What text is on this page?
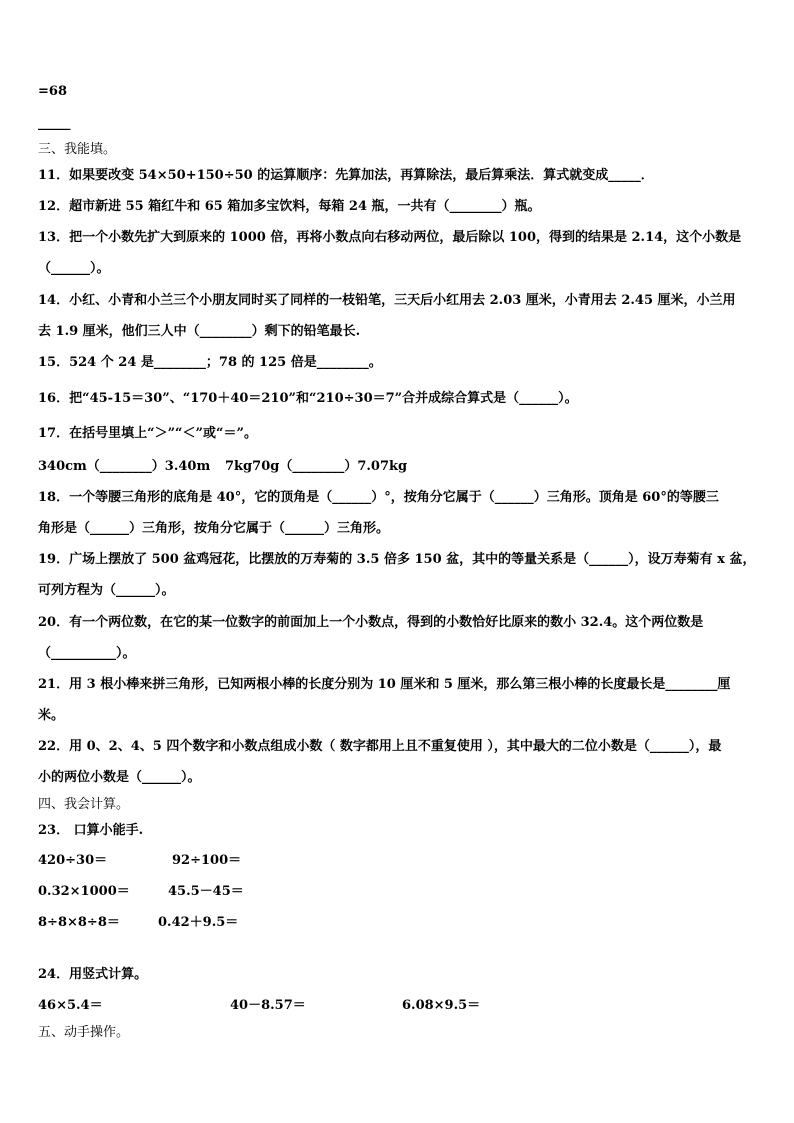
=68
_____
三、我能填。
11．如果要改变 54×50+150÷50 的运算顺序：先算加法，再算除法，最后算乘法．算式就变成_____．
12．超市新进 55 箱红牛和 65 箱加多宝饮料，每箱 24 瓶，一共有（________）瓶。
13．把一个小数先扩大到原来的 1000 倍，再将小数点向右移动两位，最后除以 100，得到的结果是 2.14，这个小数是
（______）。
14．小红、小青和小兰三个小朋友同时买了同样的一枝铅笔，三天后小红用去 2.03 厘米，小青用去 2.45 厘米，小兰用
去 1.9 厘米，他们三人中（________）剩下的铅笔最长.
15．524 个 24 是________；78 的 125 倍是________。
16．把“45-15＝30”、“170＋40＝210”和“210÷30＝7”合并成综合算式是（______）。
17．在括号里填上“＞”“＜”或“＝”。
340cm（________）3.40m 7kg70g（________）7.07kg
18．一个等腰三角形的底角是 40°，它的顶角是（______）°，按角分它属于（______）三角形。顶角是 60°的等腰三
角形是（______）三角形，按角分它属于（______）三角形。
19．广场上摆放了 500 盆鸡冠花，比摆放的万寿菊的 3.5 倍多 150 盆，其中的等量关系是（______），设万寿菊有 x 盆，
可列方程为（______）。
20．有一个两位数，在它的某一位数字的前面加上一个小数点，得到的小数恰好比原来的数小 32.4。这个两位数是
（__________）。
21．用 3 根小棒来拼三角形，已知两根小棒的长度分别为 10 厘米和 5 厘米，那么第三根小棒的长度最长是________厘
米。
22．用 0、2、4、5 四个数字和小数点组成小数（ 数字都用上且不重复使用 ），其中最大的二位小数是（______），最
小的两位小数是（______）。
四、我会计算。
23． 口算小能手.
420÷30＝	92÷100＝
0.32×1000＝	45.5－45＝
8÷8×8÷8＝	0.42＋9.5＝
24．用竖式计算。
46×5.4＝	40－8.57＝	6.08×9.5＝
五、动手操作。
